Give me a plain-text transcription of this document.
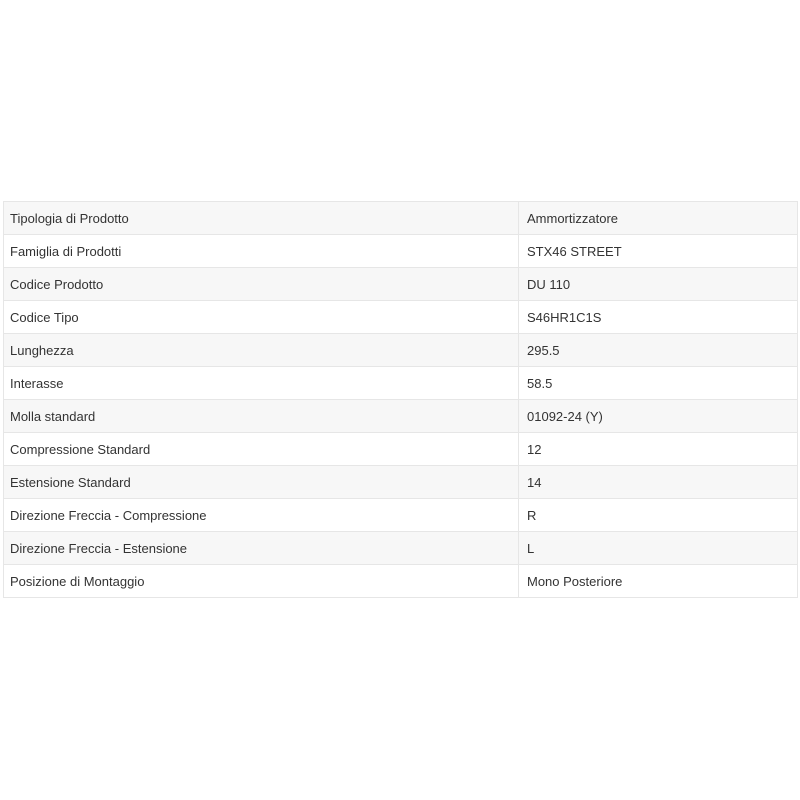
Tipologia di Prodotto	Ammortizzatore
Famiglia di Prodotti	STX46 STREET
Codice Prodotto	DU 110
Codice Tipo	S46HR1C1S
Lunghezza	295.5
Interasse	58.5
Molla standard	01092-24 (Y)
Compressione Standard	12
Estensione Standard	14
Direzione Freccia - Compressione	R
Direzione Freccia - Estensione	L
Posizione di Montaggio	Mono Posteriore
